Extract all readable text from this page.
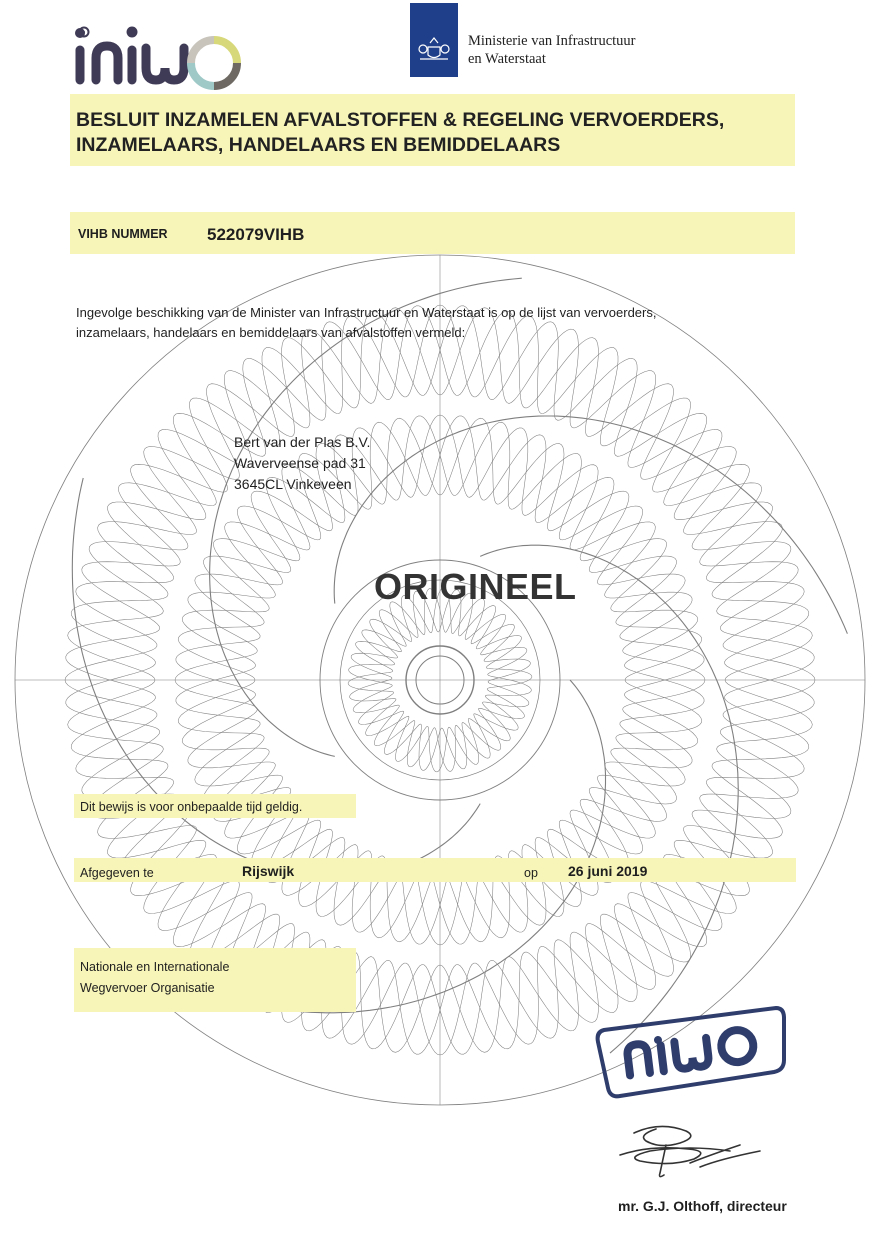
Ministerie van Infrastructuur
en Waterstaat
BESLUIT INZAMELEN AFVALSTOFFEN & REGELING VERVOERDERS,
INZAMELAARS, HANDELAARS EN BEMIDDELAARS
VIHB NUMMER 522079VIHB
Ingevolge beschikking van de Minister van Infrastructuur en Waterstaat is op de lijst van vervoerders,
inzamelaars, handelaars en bemiddelaars van afvalstoffen vermeld:
Bert van der Plas B.V.
Waverveense pad 31
3645CL Vinkeveen
ORIGINEEL
Dit bewijs is voor onbepaalde tijd geldig.
Afgegeven te	Rijswijk	op 26 juni 2019
Nationale en Internationale
Wegvervoer Organisatie
mr. G.J. Olthoff, directeur
